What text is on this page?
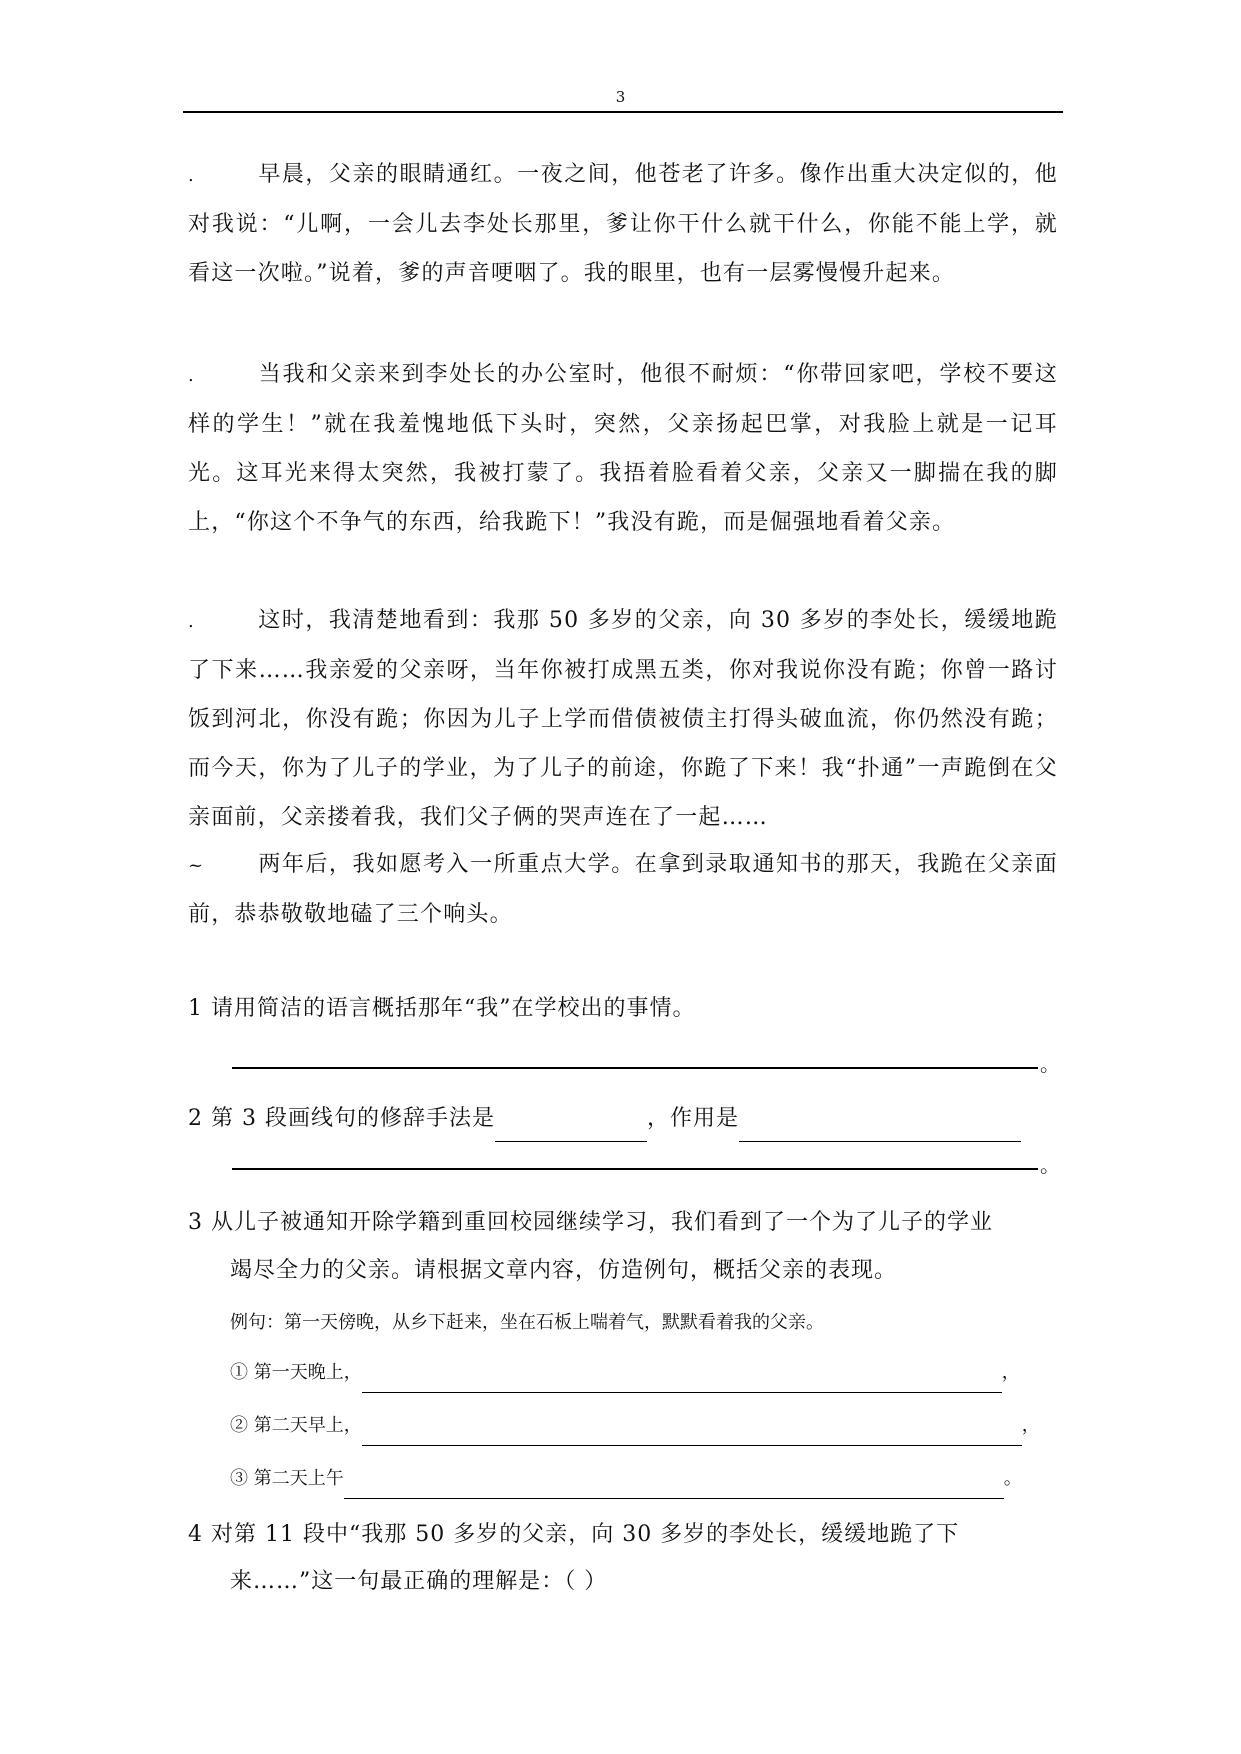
3

.	早晨，父亲的眼睛通红。一夜之间，他苍老了许多。像作出重大决定似的，他对我说：“儿啊，一会儿去李处长那里，爹让你干什么就干什么，你能不能上学，就看这一次啦。”说着，爹的声音哽咽了。我的眼里，也有一层雾慢慢升起来。

.	当我和父亲来到李处长的办公室时，他很不耐烦：“你带回家吧，学校不要这样的学生！”就在我羞愧地低下头时，突然，父亲扬起巴掌，对我脸上就是一记耳光。这耳光来得太突然，我被打蒙了。我捂着脸看着父亲，父亲又一脚揣在我的脚上，“你这个不争气的东西，给我跪下！”我没有跪，而是倔强地看着父亲。

.	这时，我清楚地看到：我那 50 多岁的父亲，向 30 多岁的李处长，缓缓地跪了下来……我亲爱的父亲呀，当年你被打成黑五类，你对我说你没有跪；你曾一路讨饭到河北，你没有跪；你因为儿子上学而借债被债主打得头破血流，你仍然没有跪；而今天，你为了儿子的学业，为了儿子的前途，你跪了下来！我“扑通”一声跪倒在父亲面前，父亲搂着我，我们父子俩的哭声连在了一起……

~ 两年后，我如愿考入一所重点大学。在拿到录取通知书的那天，我跪在父亲面前，恭恭敬敬地磕了三个响头。

1 请用简洁的语言概括那年“我”在学校出的事情。

。

2 第 3 段画线句的修辞手法是	，作用是

。

3 从儿子被通知开除学籍到重回校园继续学习，我们看到了一个为了儿子的学业

竭尽全力的父亲。请根据文章内容，仿造例句，概括父亲的表现。

例句：第一天傍晚，从乡下赶来，坐在石板上喘着气，默默看着我的父亲。

① 第一天晚上，	，

② 第二天早上，	，

③ 第二天上午	。

4 对第 11 段中“我那 50 多岁的父亲，向 30 多岁的李处长，缓缓地跪了下

来……”这一句最正确的理解是：（ ）
